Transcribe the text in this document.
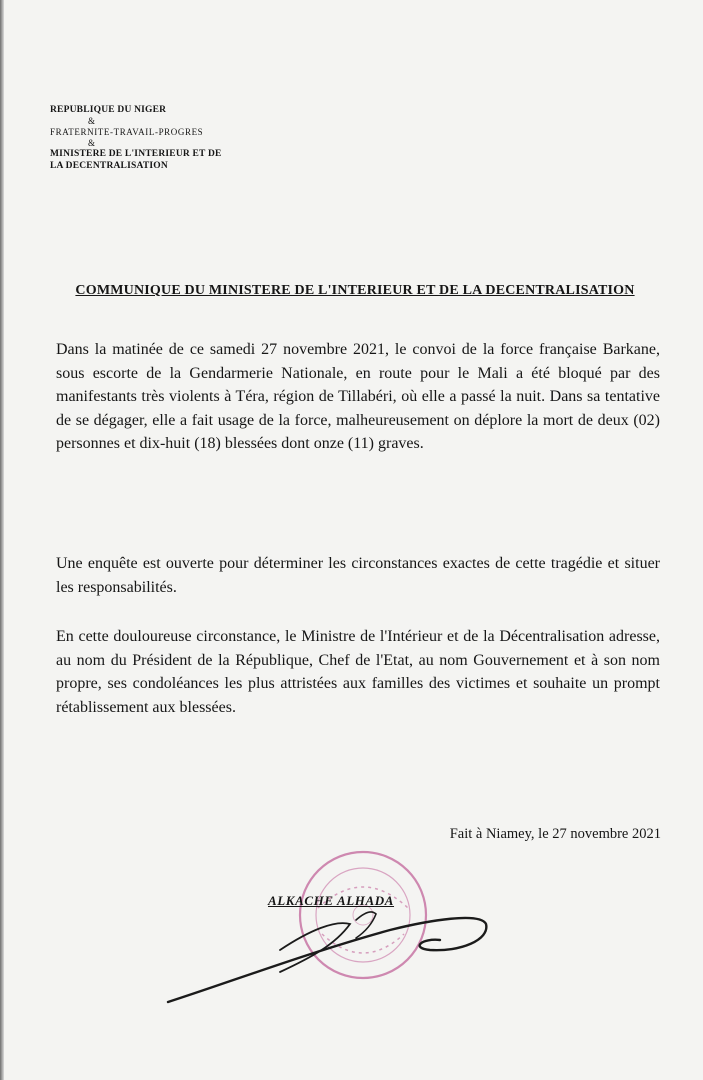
REPUBLIQUE DU NIGER
&
FRATERNITE-TRAVAIL-PROGRES
&
MINISTERE DE L'INTERIEUR ET DE
LA DECENTRALISATION
COMMUNIQUE DU MINISTERE DE L'INTERIEUR ET DE LA DECENTRALISATION

Dans la matinée de ce samedi 27 novembre 2021, le convoi de la force française Barkane, sous escorte de la Gendarmerie Nationale, en route pour le Mali a été bloqué par des manifestants très violents à Téra, région de Tillabéri, où elle a passé la nuit. Dans sa tentative de se dégager, elle a fait usage de la force, malheureusement on déplore la mort de deux (02) personnes et dix-huit (18) blessées dont onze (11) graves.

Une enquête est ouverte pour déterminer les circonstances exactes de cette tragédie et situer les responsabilités.

En cette douloureuse circonstance, le Ministre de l'Intérieur et de la Décentralisation adresse, au nom du Président de la République, Chef de l'Etat, au nom Gouvernement et à son nom propre, ses condoléances les plus attristées aux familles des victimes et souhaite un prompt rétablissement aux blessées.

Fait à Niamey, le 27 novembre 2021
ALKACHE ALHADA
